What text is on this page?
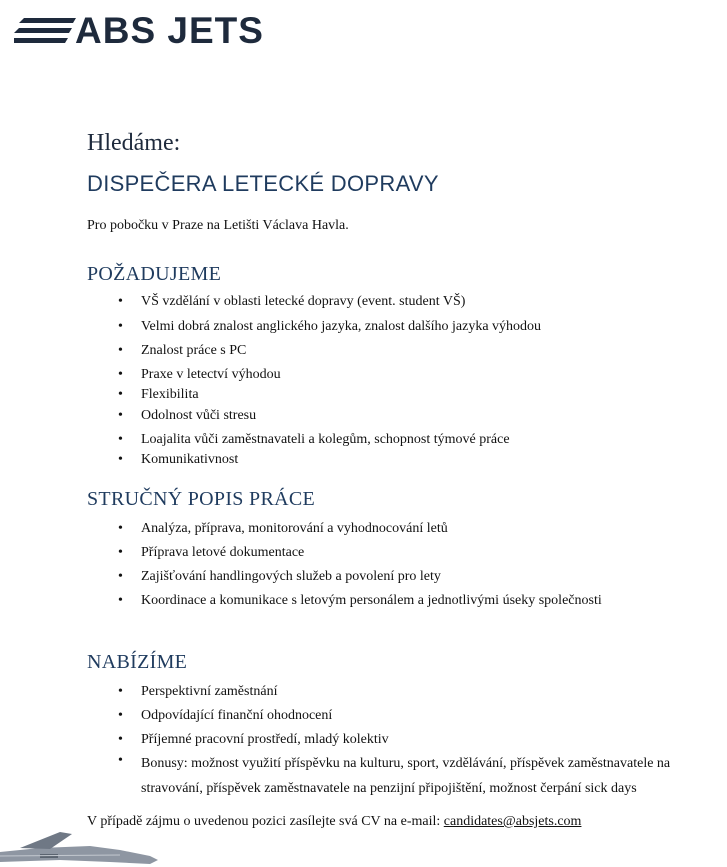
ABS JETS
Hledáme:
DISPEČERA LETECKÉ DOPRAVY
Pro pobočku v Praze na Letišti Václava Havla.
POŽADUJEME
• VŠ vzdělání v oblasti letecké dopravy (event. student VŠ)
• Velmi dobrá znalost anglického jazyka, znalost dalšího jazyka výhodou
• Znalost práce s PC
• Praxe v letectví výhodou
• Flexibilita
• Odolnost vůči stresu
• Loajalita vůči zaměstnavateli a kolegům, schopnost týmové práce
• Komunikativnost
STRUČNÝ POPIS PRÁCE
• Analýza, příprava, monitorování a vyhodnocování letů
• Příprava letové dokumentace
• Zajišťování handlingových služeb a povolení pro lety
• Koordinace a komunikace s letovým personálem a jednotlivými úseky společnosti
NABÍZÍME
• Perspektivní zaměstnání
• Odpovídající finanční ohodnocení
• Příjemné pracovní prostředí, mladý kolektiv
• Bonusy: možnost využití příspěvku na kulturu, sport, vzdělávání, příspěvek zaměstnavatele na stravování, příspěvek zaměstnavatele na penzijní připojištění, možnost čerpání sick days
V případě zájmu o uvedenou pozici zasílejte svá CV na e-mail: candidates@absjets.com
